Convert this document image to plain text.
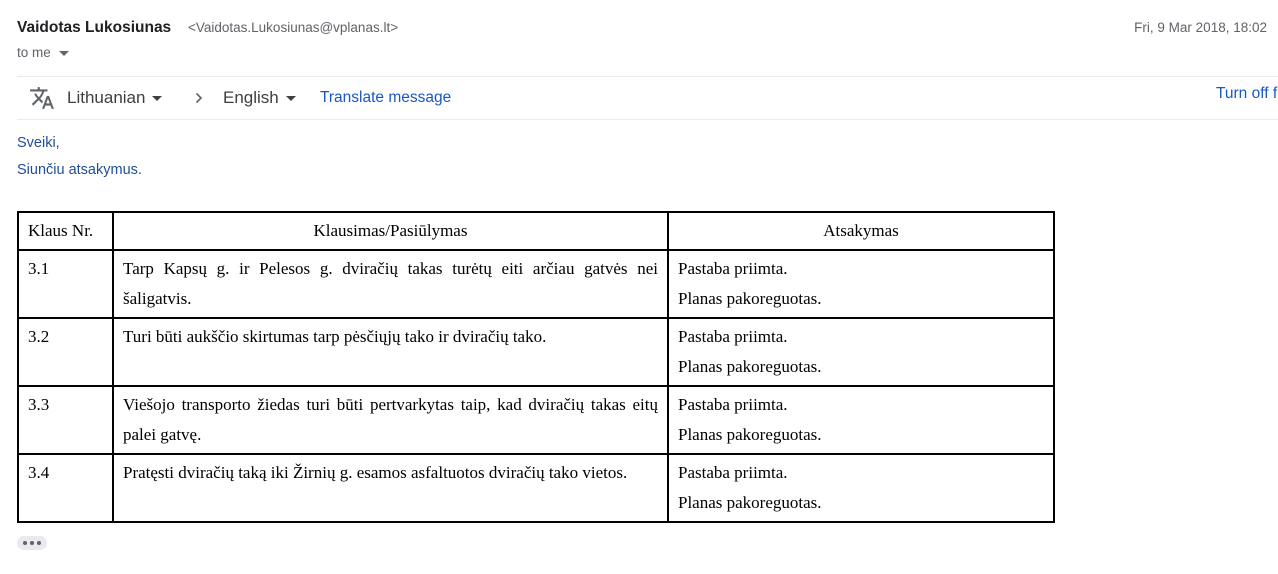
Vaidotas Lukosiunas <Vaidotas.Lukosiunas@vplanas.lt>	Fri, 9 Mar 2018, 18:02
to me
Lithuanian	English	Translate message	Turn off f
Sveiki,
Siunčiu atsakymus.
Klaus Nr.	Klausimas/Pasiūlymas	Atsakymas
3.1	Tarp Kapsų g. ir Pelesos g. dviračių takas turėtų eiti arčiau gatvės nei šaligatvis.	Pastaba priimta.
Planas pakoreguotas.

3.2	Turi būti aukščio skirtumas tarp pėsčiųjų tako ir dviračių tako.	Pastaba priimta.
Planas pakoreguotas.

3.3	Viešojo transporto žiedas turi būti pertvarkytas taip, kad dviračių takas eitų palei gatvę.	Pastaba priimta.
Planas pakoreguotas.

3.4	Pratęsti dviračių taką iki Žirnių g. esamos asfaltuotos dviračių tako vietos.	Pastaba priimta.
Planas pakoreguotas.
